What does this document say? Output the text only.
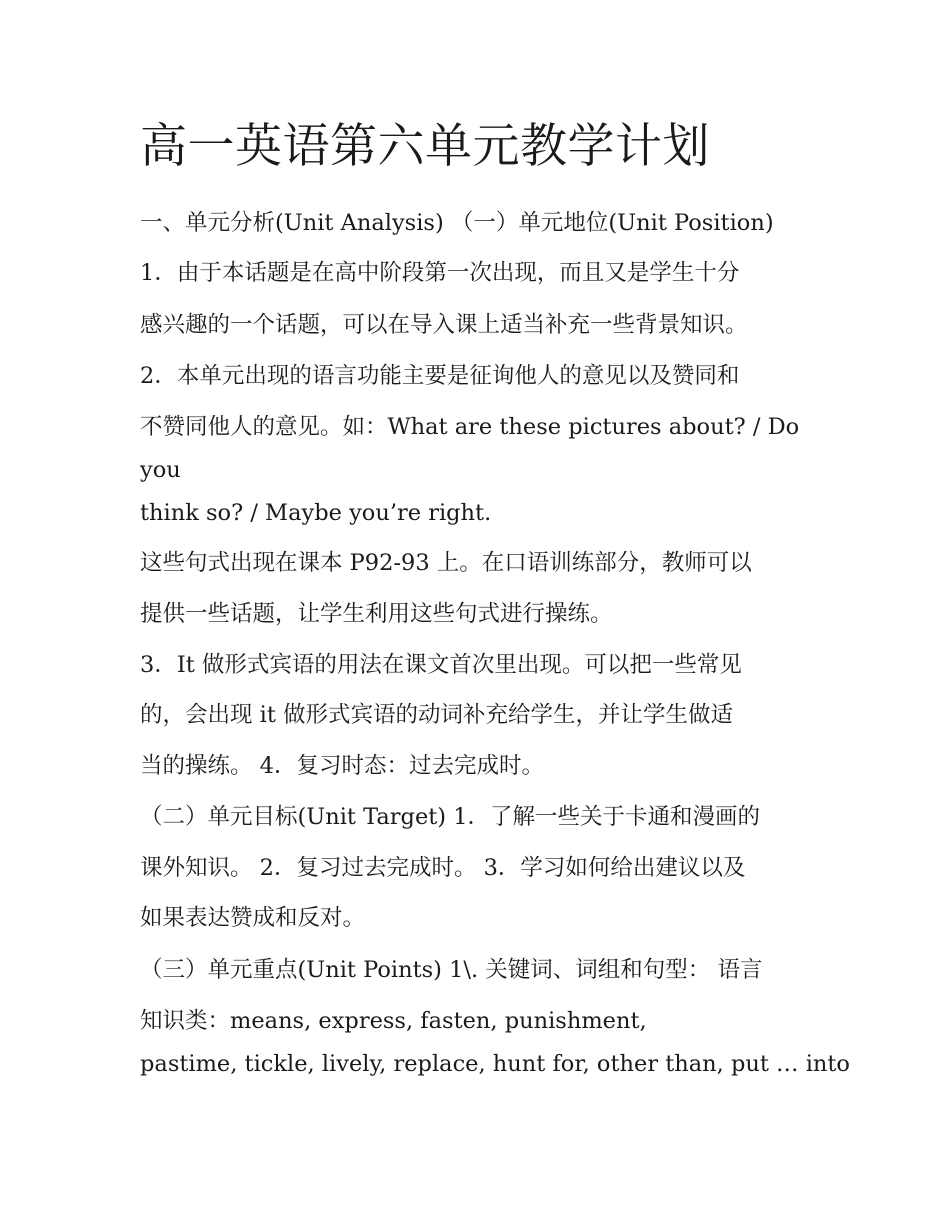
高一英语第六单元教学计划
一、单元分析(Unit Analysis) （一）单元地位(Unit Position)
1．由于本话题是在高中阶段第一次出现，而且又是学生十分
感兴趣的一个话题，可以在导入课上适当补充一些背景知识。
2．本单元出现的语言功能主要是征询他人的意见以及赞同和
不赞同他人的意见。如：What are these pictures about? / Do
you
think so? / Maybe you’re right.
这些句式出现在课本 P92-93 上。在口语训练部分，教师可以
提供一些话题，让学生利用这些句式进行操练。
3．It 做形式宾语的用法在课文首次里出现。可以把一些常见
的，会出现 it 做形式宾语的动词补充给学生，并让学生做适
当的操练。 4．复习时态：过去完成时。
（二）单元目标(Unit Target) 1．了解一些关于卡通和漫画的
课外知识。 2．复习过去完成时。 3．学习如何给出建议以及
如果表达赞成和反对。
（三）单元重点(Unit Points) 1\. 关键词、词组和句型： 语言
知识类：means, express, fasten, punishment,
pastime, tickle, lively, replace, hunt for, other than, put … into
